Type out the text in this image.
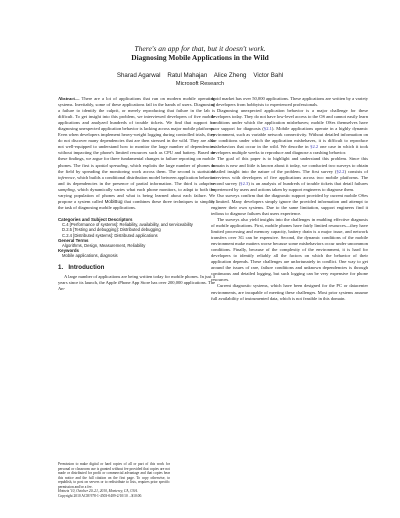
There's an app for that, but it doesn't work.
Diagnosing Mobile Applications in the Wild
Sharad Agarwal    Ratul Mahajan    Alice Zheng    Victor Bahl
Microsoft Research

Abstract— There are a lot of applications that run on modern mobile operating systems. Inevitably, some of these applications fail in the hands of users. Diagnosing a failure to identify the culprit, or merely reproducing that failure in the lab is difficult. To get insight into this problem, we interviewed developers of five mobile applications and analyzed hundreds of trouble tickets. We find that support for diagnosing unexpected application behavior is lacking across major mobile platforms. Even when developers implement heavy-weight logging during controlled trials, they do not discover many dependencies that are then stressed in the wild. They are also not well-equipped to understand how to monitor the large number of dependencies without impacting the phone's limited resources such as CPU and battery. Based on these findings, we argue for three fundamental changes to failure reporting on mobile phones. The first is spatial spreading, which exploits the large number of phones in the field by spreading the monitoring work across them. The second is statistical inference, which builds a conditional distribution model between application behavior and its dependencies in the presence of partial information. The third is adaptive sampling, which dynamically varies what each phone monitors, to adapt to both the varying population of phones and what is being learned about each failure. We propose a system called MobiBug that combines these three techniques to simplify the task of diagnosing mobile applications.

Categories and Subject Descriptors
C.4 [Performance of systems]: Reliability, availability, and serviceability
D.2.5 [Testing and debugging]: Distributed debugging
C.2.4 [Distributed systems]: Distributed applications
General Terms
Algorithms, Design, Measurement, Reliability
Keywords
Mobile applications, diagnosis
1.   Introduction

A large number of applications are being written today for mobile phones. In just 3 years since its launch, the Apple iPhone App Store has over 200,000 applications. The An-

Permission to make digital or hard copies of all or part of this work for personal or classroom use is granted without fee provided that copies are not made or distributed for profit or commercial advantage and that copies bear this notice and the full citation on the first page. To copy otherwise, to republish, to post on servers or to redistribute to lists, requires prior specific permission and/or a fee.
Hotnets '10, October 20–21, 2010, Monterey, CA, USA.
Copyright 2010 ACM 978-1-4503-0409-2/10/10 ...$10.00.

droid market has over 50,000 applications. These applications are written by a variety of developers from hobbyists to experienced professionals.

Diagnosing unexpected application behavior is a major challenge for these developers today. They do not have low-level access to the OS and cannot easily learn conditions under which the application misbehaves; mobile OSes themselves have poor support for diagnosis (§2.1). Mobile applications operate in a highly dynamic environment, such as variable network connectivity. Without detailed information on the conditions under which the application misbehaves, it is difficult to reproduce misbehaviors that occur in the wild. We describe in §2.2 one case in which it took developers multiple weeks to reproduce and diagnose a crashing behavior.

The goal of this paper is to highlight and understand this problem. Since this domain is new and little is known about it today, we conducted two surveys to obtain detailed insight into the nature of the problem. The first survey (§2.2) consists of interviews with developers of five applications across two mobile platforms. The second survey (§2.3) is an analysis of hundreds of trouble tickets that detail failures experienced by users and actions taken by support engineers to diagnose them.

Our surveys confirm that the diagnostic support provided by current mobile OSes is limited. Many developers simply ignore the provided information and attempt to engineer their own systems. Due to the same limitation, support engineers find it tedious to diagnose failures that users experience.

The surveys also yield insights into the challenges in enabling effective diagnosis of mobile applications. First, mobile phones have fairly limited resources—they have limited processing and memory capacity, battery drain is a major issue, and network transfers over 3G can be expensive. Second, the dynamic conditions of the mobile environment make matters worse because some misbehaviors occur under uncommon conditions. Finally, because of the complexity of the environment, it is hard for developers to identify reliably all the factors on which the behavior of their application depends. These challenges are unfortunately in conflict. One way to get around the issues of rare, failure conditions and unknown dependencies is through continuous and detailed logging, but such logging can be very expensive for phone resources.

Current diagnostic systems, which have been designed for the PC or datacenter environments, are incapable of meeting these challenges. Most prior systems assume full availability of instrumented data, which is not feasible in this domain.
